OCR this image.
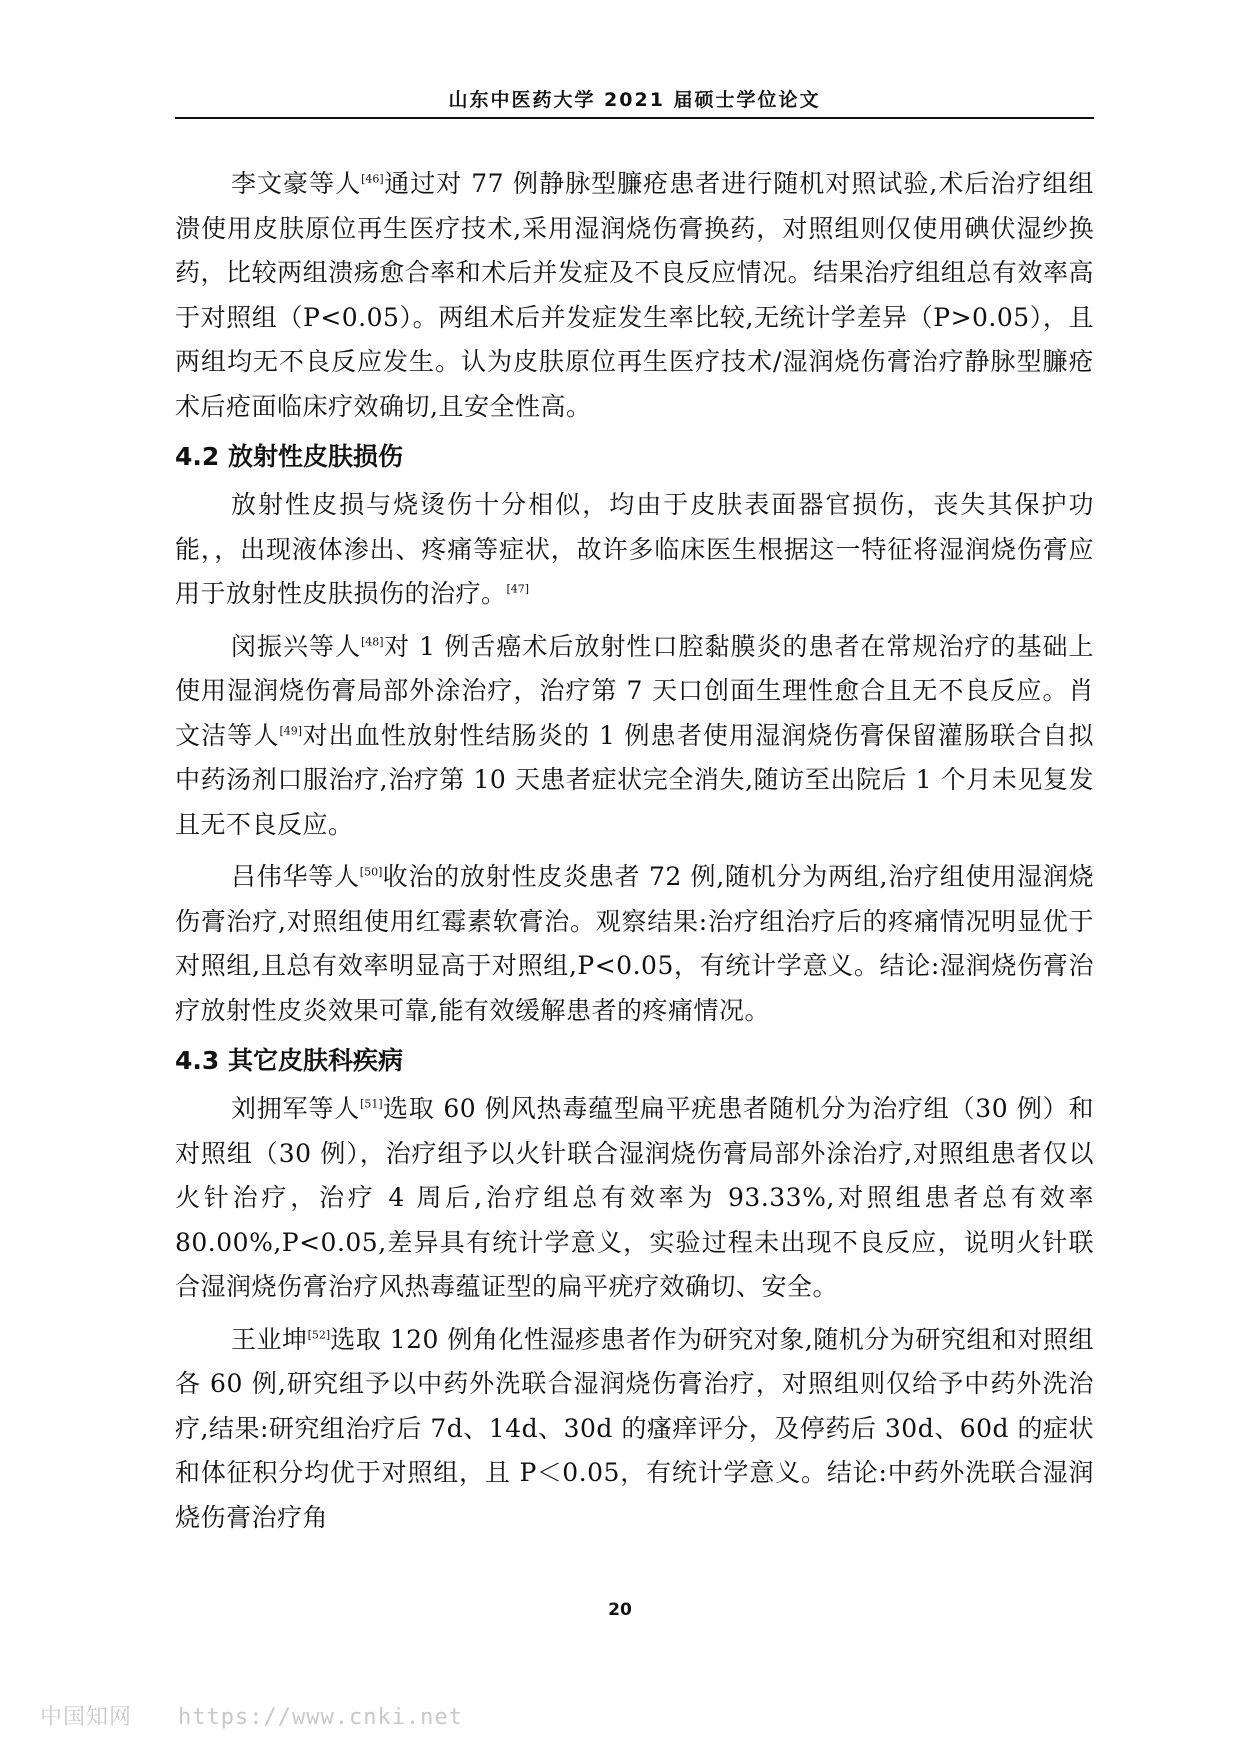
山东中医药大学 2021 届硕士学位论文

李文豪等人[46]通过对 77 例静脉型臁疮患者进行随机对照试验,术后治疗组组溃使用皮肤原位再生医疗技术,采用湿润烧伤膏换药，对照组则仅使用碘伏湿纱换药，比较两组溃疡愈合率和术后并发症及不良反应情况。结果治疗组组总有效率高于对照组（P<0.05）。两组术后并发症发生率比较,无统计学差异（P>0.05），且两组均无不良反应发生。认为皮肤原位再生医疗技术/湿润烧伤膏治疗静脉型臁疮术后疮面临床疗效确切,且安全性高。

4.2 放射性皮肤损伤

放射性皮损与烧烫伤十分相似，均由于皮肤表面器官损伤，丧失其保护功能，，出现液体渗出、疼痛等症状，故许多临床医生根据这一特征将湿润烧伤膏应用于放射性皮肤损伤的治疗。[47]

闵振兴等人[48]对 1 例舌癌术后放射性口腔黏膜炎的患者在常规治疗的基础上使用湿润烧伤膏局部外涂治疗，治疗第 7 天口创面生理性愈合且无不良反应。肖文洁等人[49]对出血性放射性结肠炎的 1 例患者使用湿润烧伤膏保留灌肠联合自拟中药汤剂口服治疗,治疗第 10 天患者症状完全消失,随访至出院后 1 个月未见复发且无不良反应。

吕伟华等人[50]收治的放射性皮炎患者 72 例,随机分为两组,治疗组使用湿润烧伤膏治疗,对照组使用红霉素软膏治。观察结果:治疗组治疗后的疼痛情况明显优于对照组,且总有效率明显高于对照组,P<0.05，有统计学意义。结论:湿润烧伤膏治疗放射性皮炎效果可靠,能有效缓解患者的疼痛情况。

4.3 其它皮肤科疾病

刘拥军等人[51]选取 60 例风热毒蕴型扁平疣患者随机分为治疗组（30 例）和对照组（30 例），治疗组予以火针联合湿润烧伤膏局部外涂治疗,对照组患者仅以火针治疗，治疗 4 周后,治疗组总有效率为 93.33%,对照组患者总有效率 80.00%,P<0.05,差异具有统计学意义，实验过程未出现不良反应，说明火针联合湿润烧伤膏治疗风热毒蕴证型的扁平疣疗效确切、安全。

王业坤[52]选取 120 例角化性湿疹患者作为研究对象,随机分为研究组和对照组各 60 例,研究组予以中药外洗联合湿润烧伤膏治疗，对照组则仅给予中药外洗治疗,结果:研究组治疗后 7d、14d、30d 的瘙痒评分，及停药后 30d、60d 的症状和体征积分均优于对照组，且 P＜0.05，有统计学意义。结论:中药外洗联合湿润烧伤膏治疗角

20
中国知网 https://www.cnki.net
